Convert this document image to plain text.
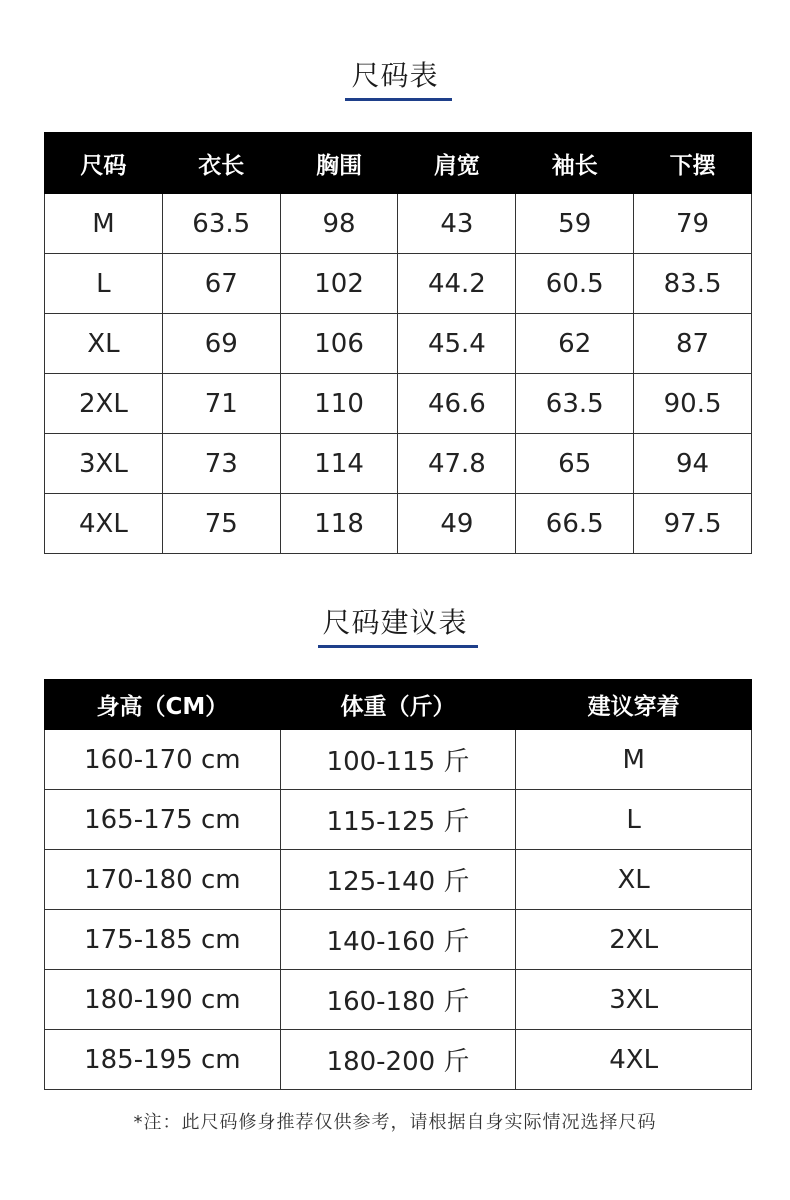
尺码表
尺码	衣长	胸围	肩宽	袖长	下摆
M	63.5	98	43	59	79
L	67	102	44.2	60.5	83.5
XL	69	106	45.4	62	87
2XL	71	110	46.6	63.5	90.5
3XL	73	114	47.8	65	94
4XL	75	118	49	66.5	97.5
尺码建议表
身高（CM）	体重（斤）	建议穿着
160-170 cm	100-115 斤	M
165-175 cm	115-125 斤	L
170-180 cm	125-140 斤	XL
175-185 cm	140-160 斤	2XL
180-190 cm	160-180 斤	3XL
185-195 cm	180-200 斤	4XL
*注：此尺码修身推荐仅供参考，请根据自身实际情况选择尺码
